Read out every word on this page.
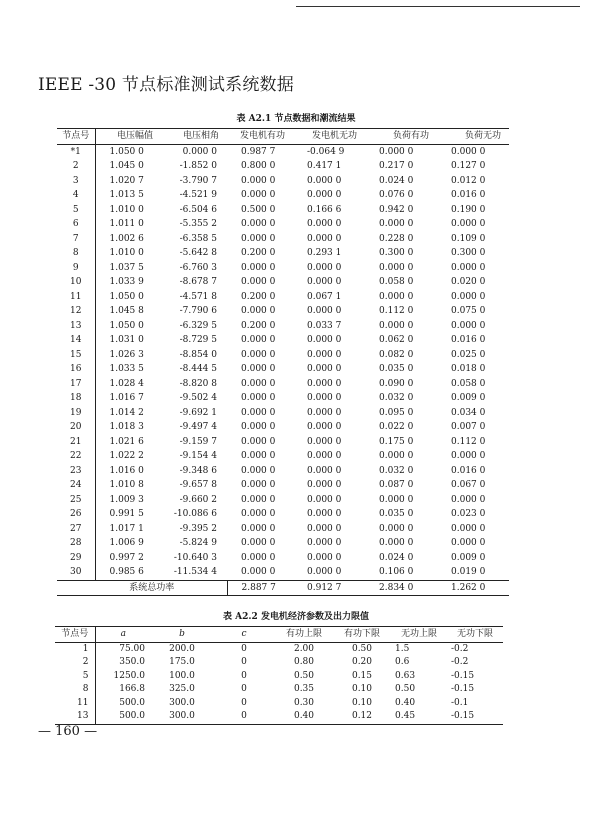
IEEE -30 节点标准测试系统数据
表 A2.1 节点数据和潮流结果
节点号	电压幅值	电压相角	发电机有功	发电机无功	负荷有功	负荷无功
*1	1.050 0	0.000 0	0.987 7	-0.064 9	0.000 0	0.000 0
2	1.045 0	-1.852 0	0.800 0	0.417 1	0.217 0	0.127 0
3	1.020 7	-3.790 7	0.000 0	0.000 0	0.024 0	0.012 0
4	1.013 5	-4.521 9	0.000 0	0.000 0	0.076 0	0.016 0
5	1.010 0	-6.504 6	0.500 0	0.166 6	0.942 0	0.190 0
6	1.011 0	-5.355 2	0.000 0	0.000 0	0.000 0	0.000 0
7	1.002 6	-6.358 5	0.000 0	0.000 0	0.228 0	0.109 0
8	1.010 0	-5.642 8	0.200 0	0.293 1	0.300 0	0.300 0
9	1.037 5	-6.760 3	0.000 0	0.000 0	0.000 0	0.000 0
10	1.033 9	-8.678 7	0.000 0	0.000 0	0.058 0	0.020 0
11	1.050 0	-4.571 8	0.200 0	0.067 1	0.000 0	0.000 0
12	1.045 8	-7.790 6	0.000 0	0.000 0	0.112 0	0.075 0
13	1.050 0	-6.329 5	0.200 0	0.033 7	0.000 0	0.000 0
14	1.031 0	-8.729 5	0.000 0	0.000 0	0.062 0	0.016 0
15	1.026 3	-8.854 0	0.000 0	0.000 0	0.082 0	0.025 0
16	1.033 5	-8.444 5	0.000 0	0.000 0	0.035 0	0.018 0
17	1.028 4	-8.820 8	0.000 0	0.000 0	0.090 0	0.058 0
18	1.016 7	-9.502 4	0.000 0	0.000 0	0.032 0	0.009 0
19	1.014 2	-9.692 1	0.000 0	0.000 0	0.095 0	0.034 0
20	1.018 3	-9.497 4	0.000 0	0.000 0	0.022 0	0.007 0
21	1.021 6	-9.159 7	0.000 0	0.000 0	0.175 0	0.112 0
22	1.022 2	-9.154 4	0.000 0	0.000 0	0.000 0	0.000 0
23	1.016 0	-9.348 6	0.000 0	0.000 0	0.032 0	0.016 0
24	1.010 8	-9.657 8	0.000 0	0.000 0	0.087 0	0.067 0
25	1.009 3	-9.660 2	0.000 0	0.000 0	0.000 0	0.000 0
26	0.991 5	-10.086 6	0.000 0	0.000 0	0.035 0	0.023 0
27	1.017 1	-9.395 2	0.000 0	0.000 0	0.000 0	0.000 0
28	1.006 9	-5.824 9	0.000 0	0.000 0	0.000 0	0.000 0
29	0.997 2	-10.640 3	0.000 0	0.000 0	0.024 0	0.009 0
30	0.985 6	-11.534 4	0.000 0	0.000 0	0.106 0	0.019 0
系统总功率			2.887 7	0.912 7	2.834 0	1.262 0
表 A2.2 发电机经济参数及出力限值
节点号	a	b	c	有功上限	有功下限	无功上限	无功下限
1	75.00	200.0	0	2.00	0.50	1.5	-0.2
2	350.0	175.0	0	0.80	0.20	0.6	-0.2
5	1250.0	100.0	0	0.50	0.15	0.63	-0.15
8	166.8	325.0	0	0.35	0.10	0.50	-0.15
11	500.0	300.0	0	0.30	0.10	0.40	-0.1
13	500.0	300.0	0	0.40	0.12	0.45	-0.15
— 160 —
